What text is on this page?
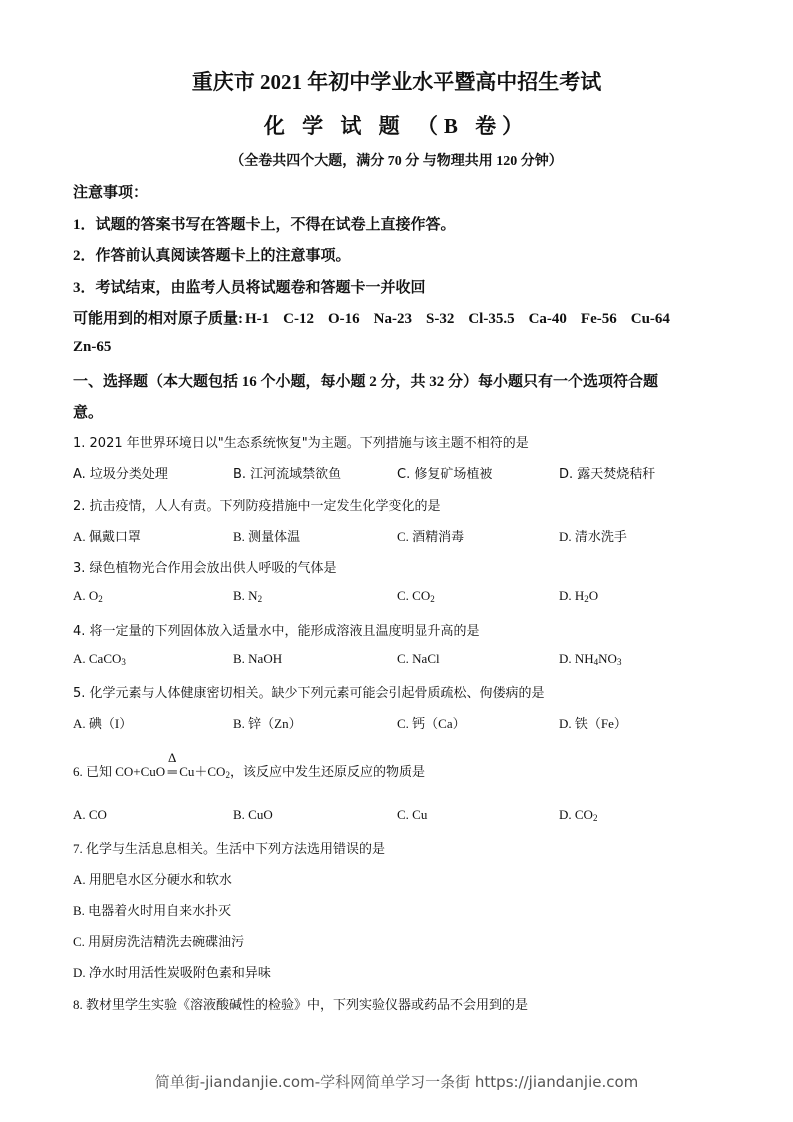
重庆市 2021 年初中学业水平暨高中招生考试
化 学 试 题 （B 卷）
（全卷共四个大题，满分 70 分 与物理共用 120 分钟）
注意事项：
1．试题的答案书写在答题卡上，不得在试卷上直接作答。
2．作答前认真阅读答题卡上的注意事项。
3．考试结束，由监考人员将试题卷和答题卡一并收回
可能用到的相对原子质量: H-1 C-12 O-16 Na-23 S-32 Cl-35.5 Ca-40 Fe-56 Cu-64
Zn-65
一、选择题（本大题包括 16 个小题，每小题 2 分，共 32 分）每小题只有一个选项符合题
意。
1. 2021 年世界环境日以"生态系统恢复"为主题。下列措施与该主题不相符的是
A. 垃圾分类处理	B. 江河流域禁欲鱼	C. 修复矿场植被	D. 露天焚烧秸秆
2. 抗击疫情，人人有责。下列防疫措施中一定发生化学变化的是
A. 佩戴口罩	B. 测量体温	C. 酒精消毒	D. 清水洗手
3. 绿色植物光合作用会放出供人呼吸的气体是
A. $O_2$	B. $N_2$	C. $CO_2$	D. $H_2O$
4. 将一定量的下列固体放入适量水中，能形成溶液且温度明显升高的是
A. CaCO$_3$	B. NaOH	C. NaCl	D. $NH_4NO_3$
5. 化学元素与人体健康密切相关。缺少下列元素可能会引起骨质疏松、佝偻病的是
A. 碘（I）	B. 锌（Zn）	C. 钙（Ca）	D. 铁（Fe）
6. 已知 CO+CuO
Δ
═ $Cu+CO_2$，该反应中发生还原反应的物质是
A. CO	B. CuO	C. Cu	D. $CO_2$
7. 化学与生活息息相关。生活中下列方法选用错误的是
A. 用肥皂水区分硬水和软水
B. 电器着火时用自来水扑灭
C. 用厨房洗洁精洗去碗碟油污
D. 净水时用活性炭吸附色素和异味
8. 教材里学生实验《溶液酸碱性的检验》中，下列实验仪器或药品不会用到的是
简单街-jiandanjie.com-学科网简单学习一条街 https://jiandanjie.com
